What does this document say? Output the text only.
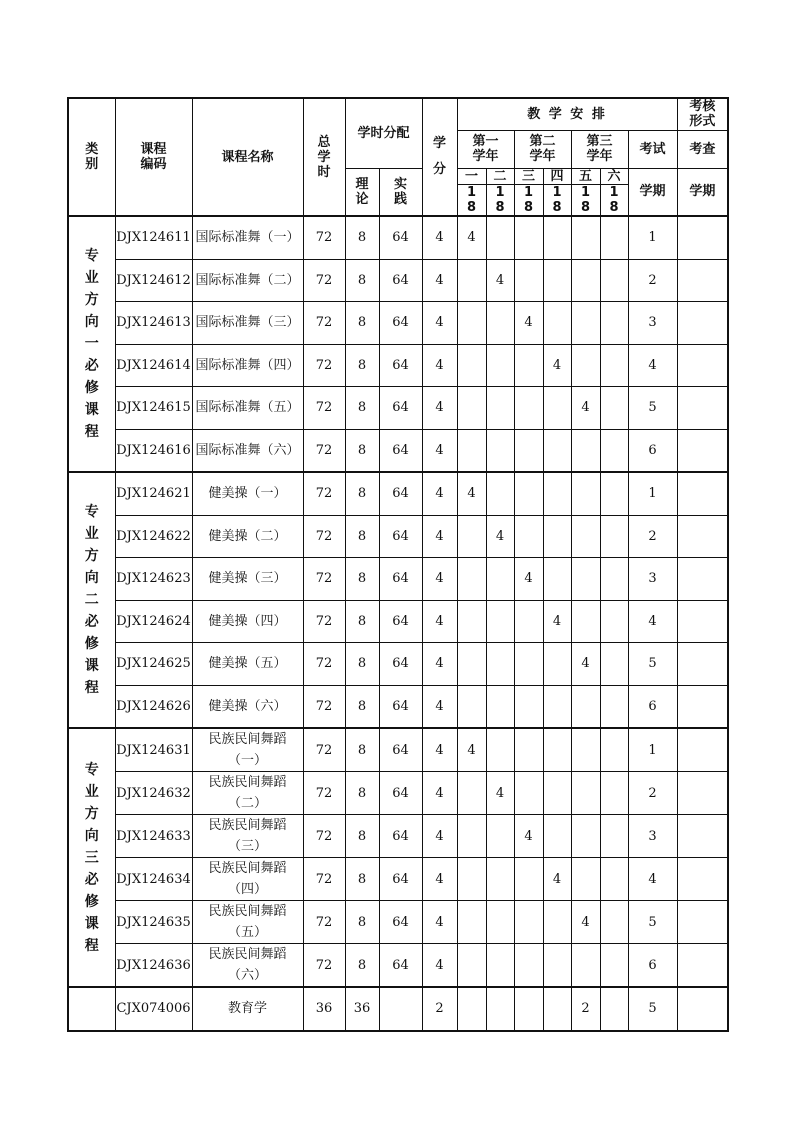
类别	课程编码	课程名称	总学时	学时分配		学分	教 学 安 排							考核形式
							第一学年		第二学年		第三学年		考试	考查
				理论	实践		一	二	三	四	五	六	学期	学期
							18	18	18	18	18	18		
专业方向一必修课程	DJX124611	国际标准舞（一）	72	8	64	4	4						1	
	DJX124612	国际标准舞（二）	72	8	64	4		4					2	
	DJX124613	国际标准舞（三）	72	8	64	4			4				3	
	DJX124614	国际标准舞（四）	72	8	64	4				4			4	
	DJX124615	国际标准舞（五）	72	8	64	4					4		5	
	DJX124616	国际标准舞（六）	72	8	64	4							6	
专业方向二必修课程	DJX124621	健美操（一）	72	8	64	4	4						1	
	DJX124622	健美操（二）	72	8	64	4		4					2	
	DJX124623	健美操（三）	72	8	64	4			4				3	
	DJX124624	健美操（四）	72	8	64	4				4			4	
	DJX124625	健美操（五）	72	8	64	4					4		5	
	DJX124626	健美操（六）	72	8	64	4							6	
专业方向三必修课程	DJX124631	民族民间舞蹈（一）	72	8	64	4	4						1	
	DJX124632	民族民间舞蹈（二）	72	8	64	4		4					2	
	DJX124633	民族民间舞蹈（三）	72	8	64	4			4				3	
	DJX124634	民族民间舞蹈（四）	72	8	64	4				4			4	
	DJX124635	民族民间舞蹈（五）	72	8	64	4					4		5	
	DJX124636	民族民间舞蹈（六）	72	8	64	4							6	
	CJX074006	教育学	36	36		2					2		5	
